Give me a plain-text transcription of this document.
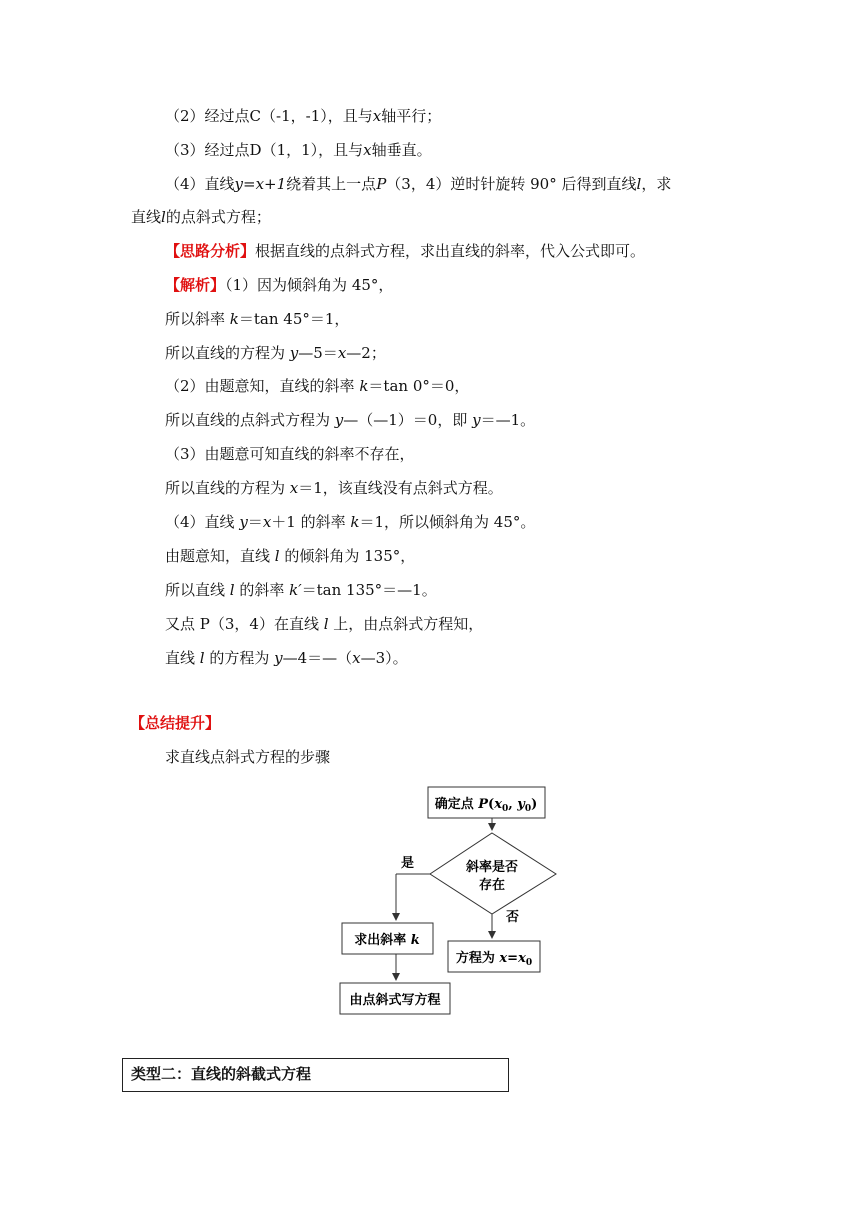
（2）经过点C（-1，-1），且与x轴平行；
（3）经过点D（1，1），且与x轴垂直。
（4）直线y=x+1绕着其上一点P（3，4）逆时针旋转 90° 后得到直线l，求
直线l的点斜式方程；
【思路分析】根据直线的点斜式方程，求出直线的斜率，代入公式即可。
【解析】（1）因为倾斜角为 45°，
所以斜率 k＝tan 45°＝1，
所以直线的方程为 y—5＝x—2；
（2）由题意知，直线的斜率 k＝tan 0°＝0，
所以直线的点斜式方程为 y—（—1）＝0，即 y＝—1。
（3）由题意可知直线的斜率不存在，
所以直线的方程为 x＝1，该直线没有点斜式方程。
（4）直线 y＝x＋1 的斜率 k＝1，所以倾斜角为 45°。
由题意知，直线 l 的倾斜角为 135°，
所以直线 l 的斜率 k′＝tan 135°＝—1。
又点 P（3，4）在直线 l 上，由点斜式方程知，
直线 l 的方程为 y—4＝—（x—3）。
【总结提升】
求直线点斜式方程的步骤
确定点 $P(x_0$, $y_0$)
斜率是否
存在
是
否
求出斜率 k
方程为 $x=x_0$
由点斜式写方程
类型二：直线的斜截式方程
